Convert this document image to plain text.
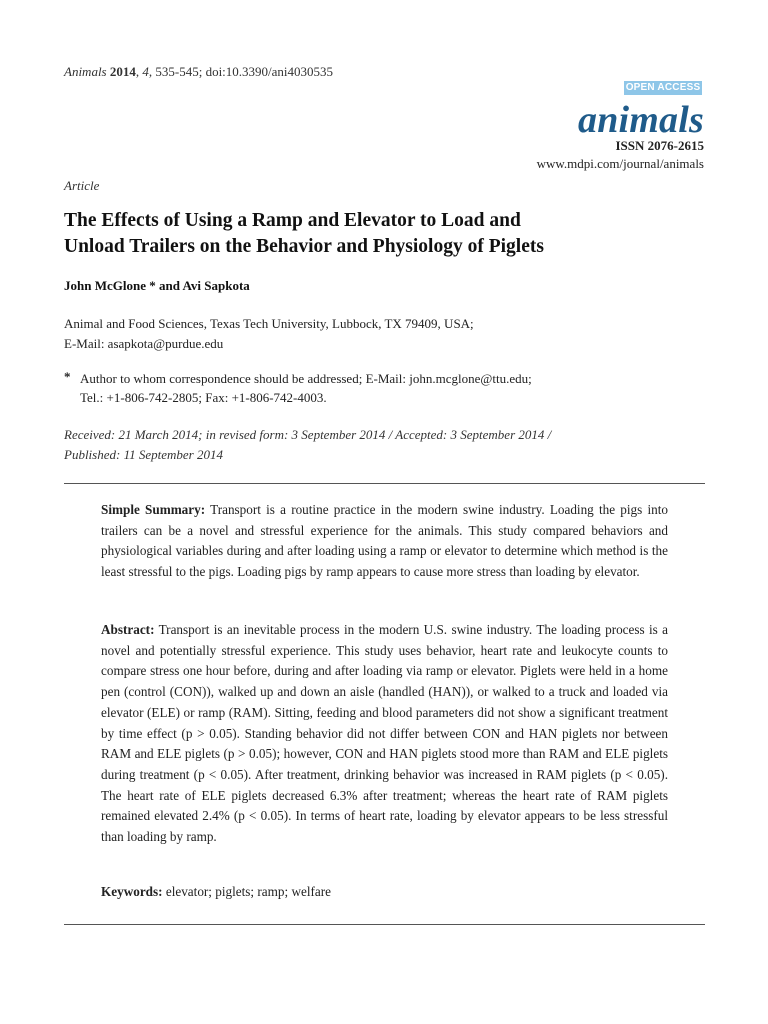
Animals 2014, 4, 535-545; doi:10.3390/ani4030535
OPEN ACCESS
animals
ISSN 2076-2615
www.mdpi.com/journal/animals
Article
The Effects of Using a Ramp and Elevator to Load and
Unload Trailers on the Behavior and Physiology of Piglets
John McGlone * and Avi Sapkota
Animal and Food Sciences, Texas Tech University, Lubbock, TX 79409, USA;
E-Mail: asapkota@purdue.edu
* Author to whom correspondence should be addressed; E-Mail: john.mcglone@ttu.edu;
Tel.: +1-806-742-2805; Fax: +1-806-742-4003.
Received: 21 March 2014; in revised form: 3 September 2014 / Accepted: 3 September 2014 /
Published: 11 September 2014
Simple Summary: Transport is a routine practice in the modern swine industry. Loading the pigs into trailers can be a novel and stressful experience for the animals. This study compared behaviors and physiological variables during and after loading using a ramp or elevator to determine which method is the least stressful to the pigs. Loading pigs by ramp appears to cause more stress than loading by elevator.
Abstract: Transport is an inevitable process in the modern U.S. swine industry. The loading process is a novel and potentially stressful experience. This study uses behavior, heart rate and leukocyte counts to compare stress one hour before, during and after loading via ramp or elevator. Piglets were held in a home pen (control (CON)), walked up and down an aisle (handled (HAN)), or walked to a truck and loaded via elevator (ELE) or ramp (RAM). Sitting, feeding and blood parameters did not show a significant treatment by time effect (p > 0.05). Standing behavior did not differ between CON and HAN piglets nor between RAM and ELE piglets (p > 0.05); however, CON and HAN piglets stood more than RAM and ELE piglets during treatment (p < 0.05). After treatment, drinking behavior was increased in RAM piglets (p < 0.05). The heart rate of ELE piglets decreased 6.3% after treatment; whereas the heart rate of RAM piglets remained elevated 2.4% (p < 0.05). In terms of heart rate, loading by elevator appears to be less stressful than loading by ramp.
Keywords: elevator; piglets; ramp; welfare
